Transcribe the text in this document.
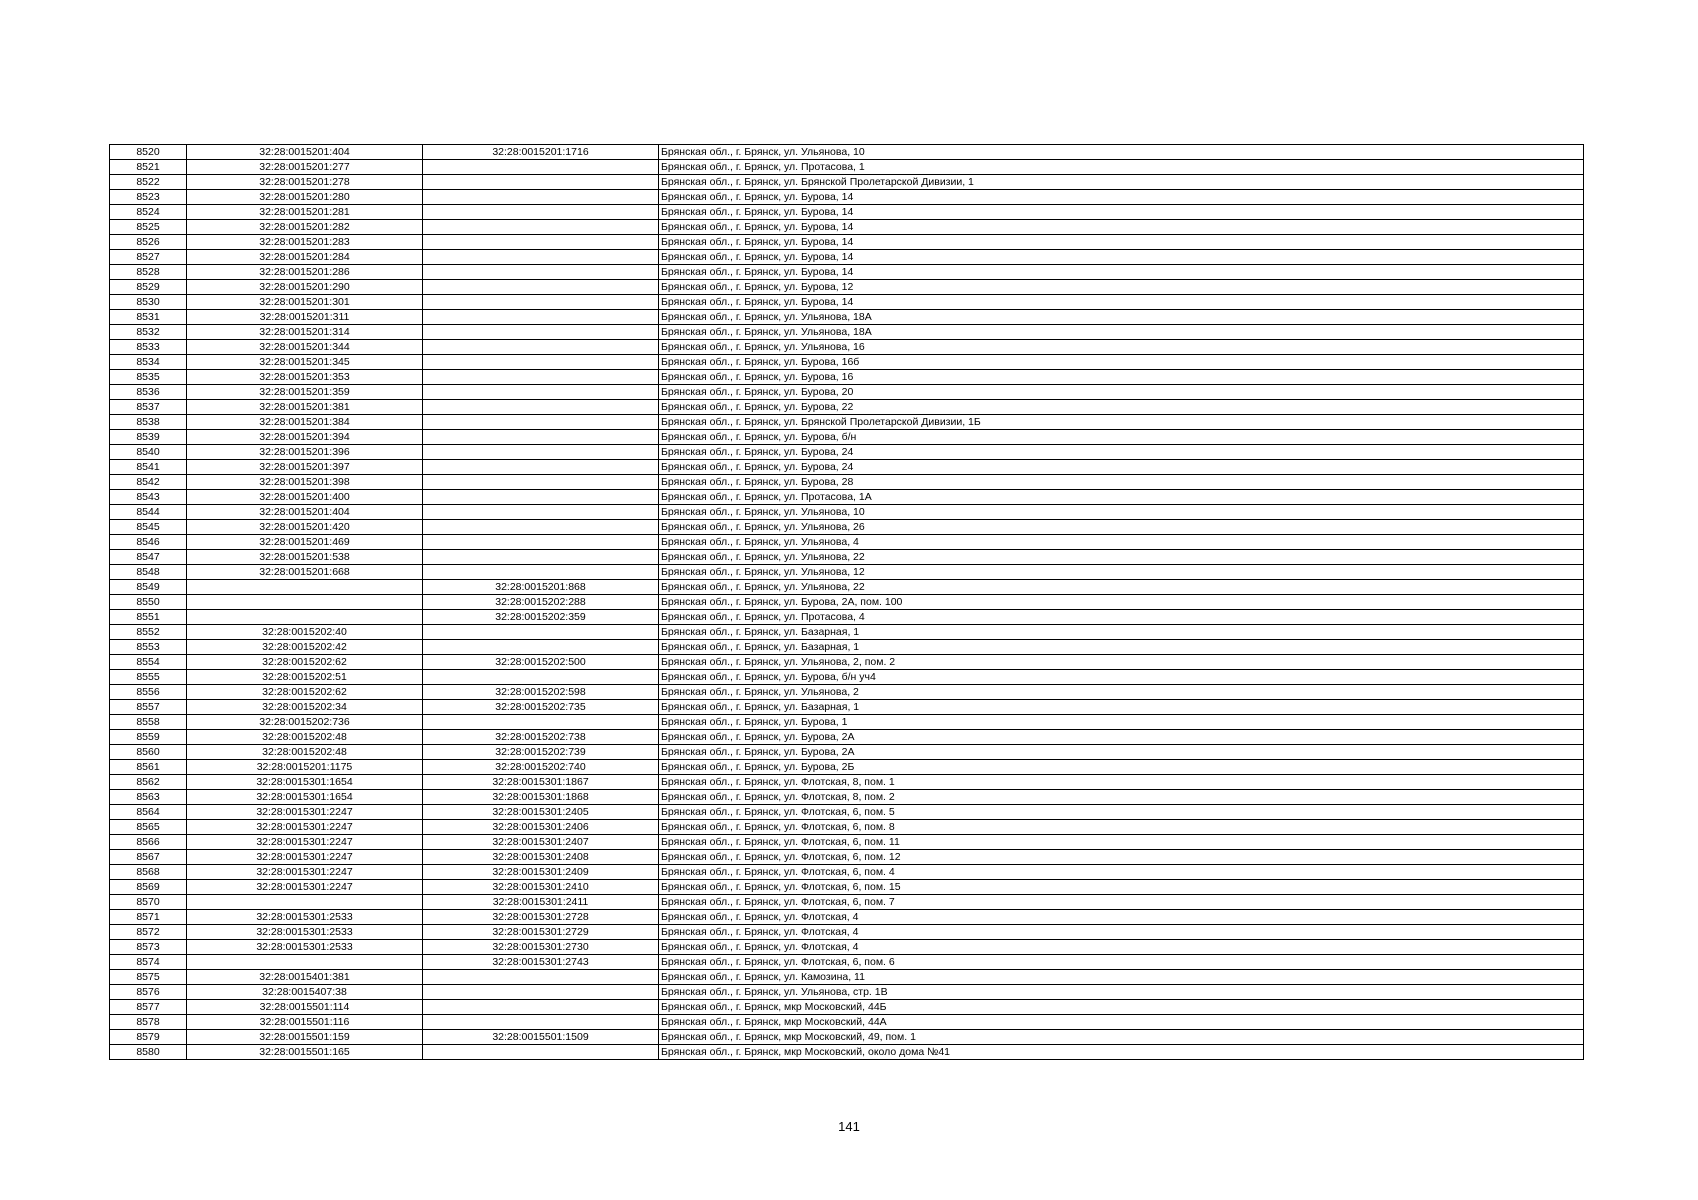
8520	32:28:0015201:404	32:28:0015201:1716	Брянская обл., г. Брянск, ул. Ульянова, 10
8521	32:28:0015201:277		Брянская обл., г. Брянск, ул. Протасова, 1
8522	32:28:0015201:278		Брянская обл., г. Брянск, ул. Брянской Пролетарской Дивизии, 1
8523	32:28:0015201:280		Брянская обл., г. Брянск, ул. Бурова, 14
8524	32:28:0015201:281		Брянская обл., г. Брянск, ул. Бурова, 14
8525	32:28:0015201:282		Брянская обл., г. Брянск, ул. Бурова, 14
8526	32:28:0015201:283		Брянская обл., г. Брянск, ул. Бурова, 14
8527	32:28:0015201:284		Брянская обл., г. Брянск, ул. Бурова, 14
8528	32:28:0015201:286		Брянская обл., г. Брянск, ул. Бурова, 14
8529	32:28:0015201:290		Брянская обл., г. Брянск, ул. Бурова, 12
8530	32:28:0015201:301		Брянская обл., г. Брянск, ул. Бурова, 14
8531	32:28:0015201:311		Брянская обл., г. Брянск, ул. Ульянова, 18А
8532	32:28:0015201:314		Брянская обл., г. Брянск, ул. Ульянова, 18А
8533	32:28:0015201:344		Брянская обл., г. Брянск, ул. Ульянова, 16
8534	32:28:0015201:345		Брянская обл., г. Брянск, ул. Бурова, 16б
8535	32:28:0015201:353		Брянская обл., г. Брянск, ул. Бурова, 16
8536	32:28:0015201:359		Брянская обл., г. Брянск, ул. Бурова, 20
8537	32:28:0015201:381		Брянская обл., г. Брянск, ул. Бурова, 22
8538	32:28:0015201:384		Брянская обл., г. Брянск, ул. Брянской Пролетарской Дивизии, 1Б
8539	32:28:0015201:394		Брянская обл., г. Брянск, ул. Бурова, б/н
8540	32:28:0015201:396		Брянская обл., г. Брянск, ул. Бурова, 24
8541	32:28:0015201:397		Брянская обл., г. Брянск, ул. Бурова, 24
8542	32:28:0015201:398		Брянская обл., г. Брянск, ул. Бурова, 28
8543	32:28:0015201:400		Брянская обл., г. Брянск, ул. Протасова, 1А
8544	32:28:0015201:404		Брянская обл., г. Брянск, ул. Ульянова, 10
8545	32:28:0015201:420		Брянская обл., г. Брянск, ул. Ульянова, 26
8546	32:28:0015201:469		Брянская обл., г. Брянск, ул. Ульянова, 4
8547	32:28:0015201:538		Брянская обл., г. Брянск, ул. Ульянова, 22
8548	32:28:0015201:668		Брянская обл., г. Брянск, ул. Ульянова, 12
8549		32:28:0015201:868	Брянская обл., г. Брянск, ул. Ульянова, 22
8550		32:28:0015202:288	Брянская обл., г. Брянск, ул. Бурова, 2А, пом. 100
8551		32:28:0015202:359	Брянская обл., г. Брянск, ул. Протасова, 4
8552	32:28:0015202:40		Брянская обл., г. Брянск, ул. Базарная, 1
8553	32:28:0015202:42		Брянская обл., г. Брянск, ул. Базарная, 1
8554	32:28:0015202:62	32:28:0015202:500	Брянская обл., г. Брянск, ул. Ульянова, 2, пом. 2
8555	32:28:0015202:51		Брянская обл., г. Брянск, ул. Бурова, б/н уч4
8556	32:28:0015202:62	32:28:0015202:598	Брянская обл., г. Брянск, ул. Ульянова, 2
8557	32:28:0015202:34	32:28:0015202:735	Брянская обл., г. Брянск, ул. Базарная, 1
8558	32:28:0015202:736		Брянская обл., г. Брянск, ул. Бурова, 1
8559	32:28:0015202:48	32:28:0015202:738	Брянская обл., г. Брянск, ул. Бурова, 2А
8560	32:28:0015202:48	32:28:0015202:739	Брянская обл., г. Брянск, ул. Бурова, 2А
8561	32:28:0015201:1175	32:28:0015202:740	Брянская обл., г. Брянск, ул. Бурова, 2Б
8562	32:28:0015301:1654	32:28:0015301:1867	Брянская обл., г. Брянск, ул. Флотская, 8, пом. 1
8563	32:28:0015301:1654	32:28:0015301:1868	Брянская обл., г. Брянск, ул. Флотская, 8, пом. 2
8564	32:28:0015301:2247	32:28:0015301:2405	Брянская обл., г. Брянск, ул. Флотская, 6, пом. 5
8565	32:28:0015301:2247	32:28:0015301:2406	Брянская обл., г. Брянск, ул. Флотская, 6, пом. 8
8566	32:28:0015301:2247	32:28:0015301:2407	Брянская обл., г. Брянск, ул. Флотская, 6, пом. 11
8567	32:28:0015301:2247	32:28:0015301:2408	Брянская обл., г. Брянск, ул. Флотская, 6, пом. 12
8568	32:28:0015301:2247	32:28:0015301:2409	Брянская обл., г. Брянск, ул. Флотская, 6, пом. 4
8569	32:28:0015301:2247	32:28:0015301:2410	Брянская обл., г. Брянск, ул. Флотская, 6, пом. 15
8570		32:28:0015301:2411	Брянская обл., г. Брянск, ул. Флотская, 6, пом. 7
8571	32:28:0015301:2533	32:28:0015301:2728	Брянская обл., г. Брянск, ул. Флотская, 4
8572	32:28:0015301:2533	32:28:0015301:2729	Брянская обл., г. Брянск, ул. Флотская, 4
8573	32:28:0015301:2533	32:28:0015301:2730	Брянская обл., г. Брянск, ул. Флотская, 4
8574		32:28:0015301:2743	Брянская обл., г. Брянск, ул. Флотская, 6, пом. 6
8575	32:28:0015401:381		Брянская обл., г. Брянск, ул. Камозина, 11
8576	32:28:0015407:38		Брянская обл., г. Брянск, ул. Ульянова, стр. 1В
8577	32:28:0015501:114		Брянская обл., г. Брянск, мкр Московский, 44Б
8578	32:28:0015501:116		Брянская обл., г. Брянск, мкр Московский, 44А
8579	32:28:0015501:159	32:28:0015501:1509	Брянская обл., г. Брянск, мкр Московский, 49, пом. 1
8580	32:28:0015501:165		Брянская обл., г. Брянск, мкр Московский, около дома №41
141
